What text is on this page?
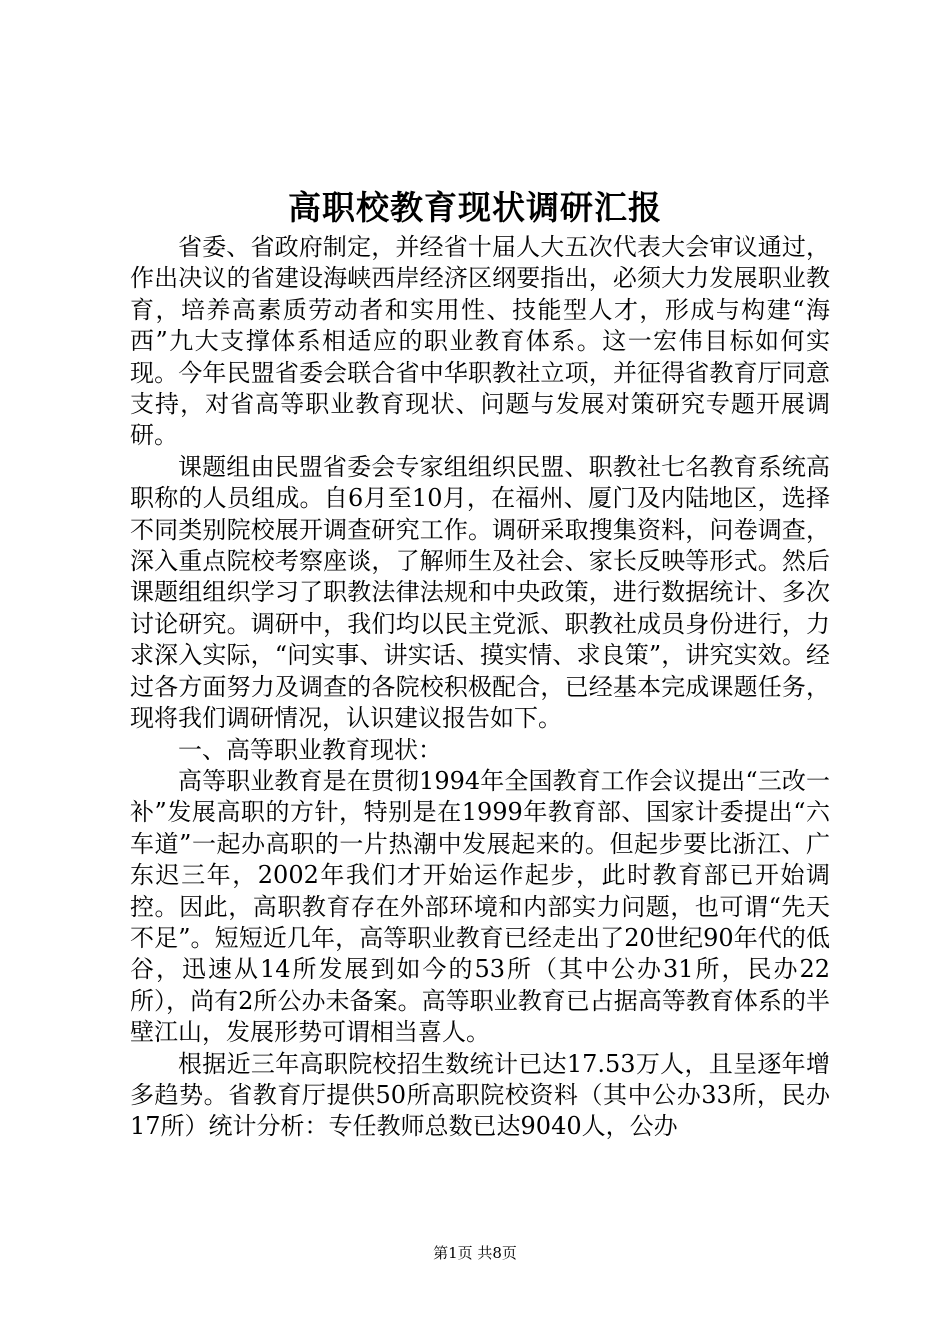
高职校教育现状调研汇报

省委、省政府制定，并经省十届人大五次代表大会审议通过，作出决议的省建设海峡西岸经济区纲要指出，必须大力发展职业教育，培养高素质劳动者和实用性、技能型人才，形成与构建“海西”九大支撑体系相适应的职业教育体系。这一宏伟目标如何实现。今年民盟省委会联合省中华职教社立项，并征得省教育厅同意支持，对省高等职业教育现状、问题与发展对策研究专题开展调研。

课题组由民盟省委会专家组组织民盟、职教社七名教育系统高职称的人员组成。自6月至10月，在福州、厦门及内陆地区，选择不同类别院校展开调查研究工作。调研采取搜集资料，问卷调查，深入重点院校考察座谈，了解师生及社会、家长反映等形式。然后课题组组织学习了职教法律法规和中央政策，进行数据统计、多次讨论研究。调研中，我们均以民主党派、职教社成员身份进行，力求深入实际，“问实事、讲实话、摸实情、求良策”，讲究实效。经过各方面努力及调查的各院校积极配合，已经基本完成课题任务，现将我们调研情况，认识建议报告如下。

一、高等职业教育现状：

高等职业教育是在贯彻1994年全国教育工作会议提出“三改一补”发展高职的方针，特别是在1999年教育部、国家计委提出“六车道”一起办高职的一片热潮中发展起来的。但起步要比浙江、广东迟三年，2002年我们才开始运作起步，此时教育部已开始调控。因此，高职教育存在外部环境和内部实力问题，也可谓“先天不足”。短短近几年，高等职业教育已经走出了20世纪90年代的低谷，迅速从14所发展到如今的53所（其中公办31所，民办22所），尚有2所公办未备案。高等职业教育已占据高等教育体系的半壁江山，发展形势可谓相当喜人。

根据近三年高职院校招生数统计已达17.53万人，且呈逐年增多趋势。省教育厅提供50所高职院校资料（其中公办33所，民办17所）统计分析：专任教师总数已达9040人，公办

第1页 共8页
